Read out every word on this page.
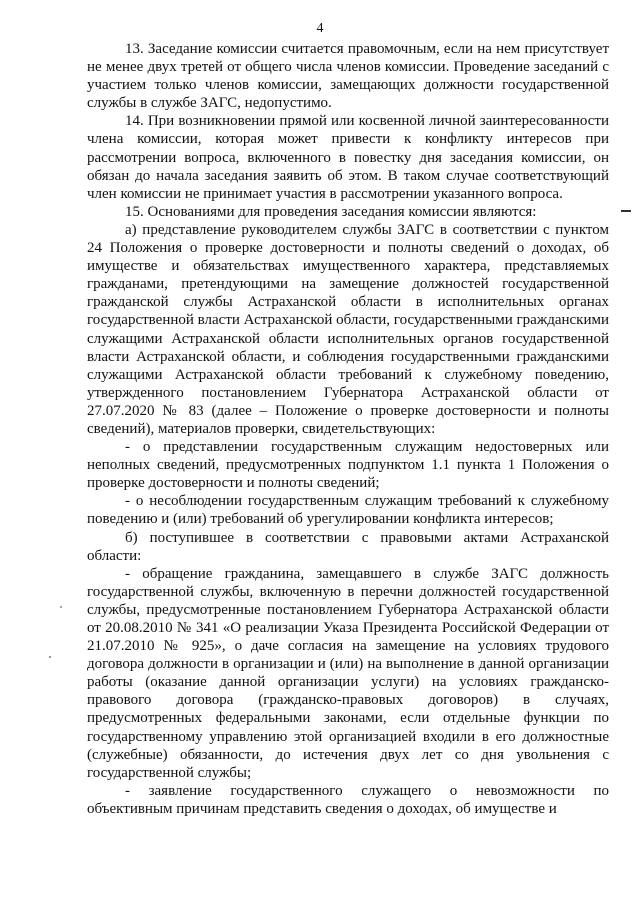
4

13. Заседание комиссии считается правомочным, если на нем присутствует не менее двух третей от общего числа членов комиссии. Проведение заседаний с участием только членов комиссии, замещающих должности государственной службы в службе ЗАГС, недопустимо.

14. При возникновении прямой или косвенной личной заинтересованности члена комиссии, которая может привести к конфликту интересов при рассмотрении вопроса, включенного в повестку дня заседания комиссии, он обязан до начала заседания заявить об этом. В таком случае соответствующий член комиссии не принимает участия в рассмотрении указанного вопроса.

15. Основаниями для проведения заседания комиссии являются:

а) представление руководителем службы ЗАГС в соответствии с пунктом 24 Положения о проверке достоверности и полноты сведений о доходах, об имуществе и обязательствах имущественного характера, представляемых гражданами, претендующими на замещение должностей государственной гражданской службы Астраханской области в исполнительных органах государственной власти Астраханской области, государственными гражданскими служащими Астраханской области исполнительных органов государственной власти Астраханской области, и соблюдения государственными гражданскими служащими Астраханской области требований к служебному поведению, утвержденного постановлением Губернатора Астраханской области от 27.07.2020 № 83 (далее – Положение о проверке достоверности и полноты сведений), материалов проверки, свидетельствующих:

- о представлении государственным служащим недостоверных или неполных сведений, предусмотренных подпунктом 1.1 пункта 1 Положения о проверке достоверности и полноты сведений;

- о несоблюдении государственным служащим требований к служебному поведению и (или) требований об урегулировании конфликта интересов;

б) поступившее в соответствии с правовыми актами Астраханской области:

- обращение гражданина, замещавшего в службе ЗАГС должность государственной службы, включенную в перечни должностей государственной службы, предусмотренные постановлением Губернатора Астраханской области от 20.08.2010 № 341 «О реализации Указа Президента Российской Федерации от 21.07.2010 № 925», о даче согласия на замещение на условиях трудового договора должности в организации и (или) на выполнение в данной организации работы (оказание данной организации услуги) на условиях гражданско-правового договора (гражданско-правовых договоров) в случаях, предусмотренных федеральными законами, если отдельные функции по государственному управлению этой организацией входили в его должностные (служебные) обязанности, до истечения двух лет со дня увольнения с государственной службы;

- заявление государственного служащего о невозможности по объективным причинам представить сведения о доходах, об имуществе и
